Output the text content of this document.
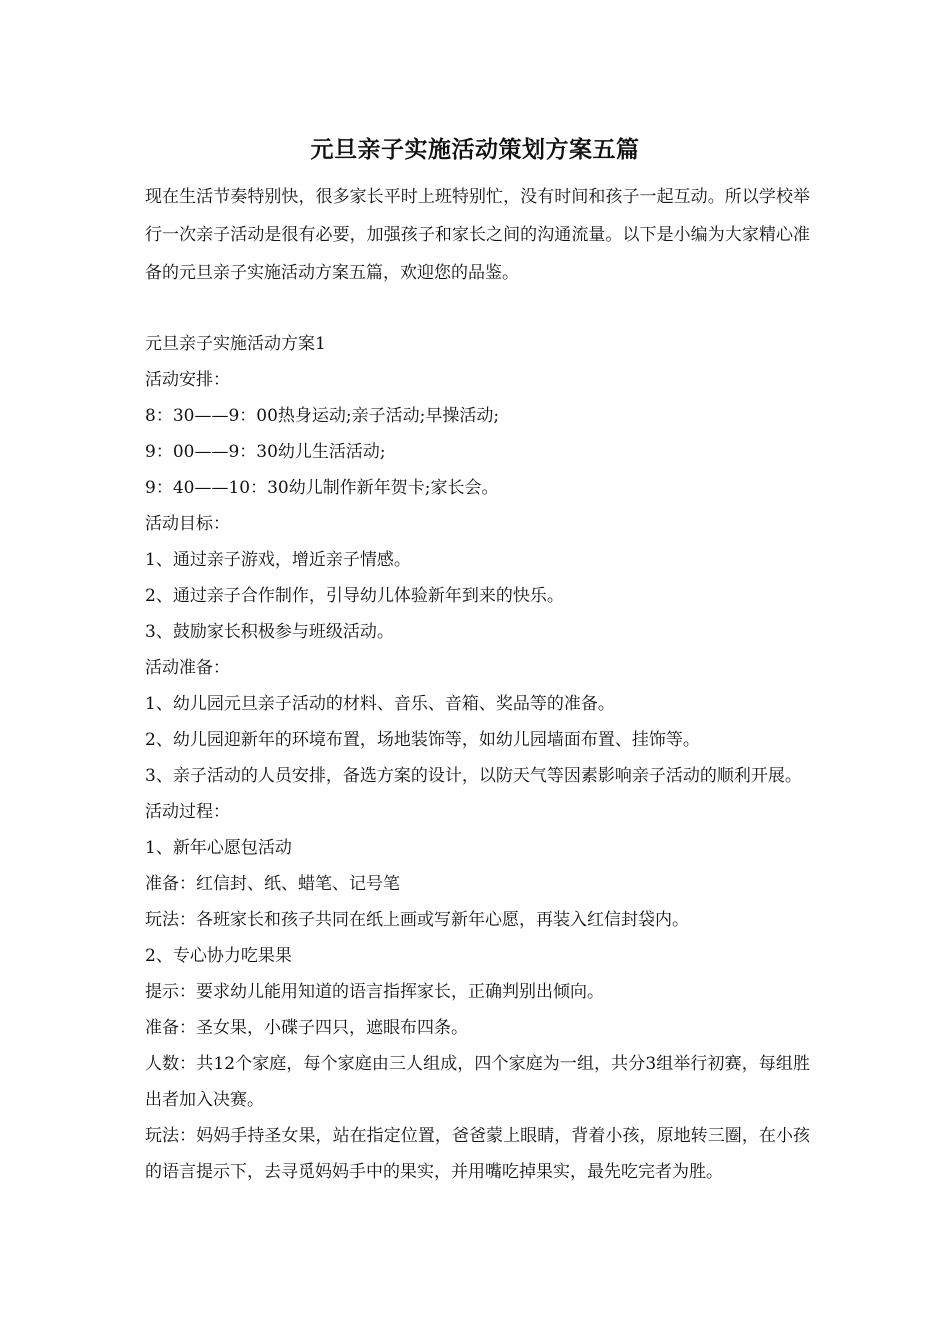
元旦亲子实施活动策划方案五篇

现在生活节奏特别快，很多家长平时上班特别忙，没有时间和孩子一起互动。所以学校举行一次亲子活动是很有必要，加强孩子和家长之间的沟通流量。以下是小编为大家精心准备的元旦亲子实施活动方案五篇，欢迎您的品鉴。

元旦亲子实施活动方案1

活动安排：

8：30——9：00热身运动;亲子活动;早操活动;

9：00——9：30幼儿生活活动;

9：40——10：30幼儿制作新年贺卡;家长会。

活动目标：

1、通过亲子游戏，增近亲子情感。

2、通过亲子合作制作，引导幼儿体验新年到来的快乐。

3、鼓励家长积极参与班级活动。

活动准备：

1、幼儿园元旦亲子活动的材料、音乐、音箱、奖品等的准备。

2、幼儿园迎新年的环境布置，场地装饰等，如幼儿园墙面布置、挂饰等。

3、亲子活动的人员安排，备选方案的设计，以防天气等因素影响亲子活动的顺利开展。

活动过程：

1、新年心愿包活动

准备：红信封、纸、蜡笔、记号笔

玩法：各班家长和孩子共同在纸上画或写新年心愿，再装入红信封袋内。

2、专心协力吃果果

提示：要求幼儿能用知道的语言指挥家长，正确判别出倾向。

准备：圣女果，小碟子四只，遮眼布四条。

人数：共12个家庭，每个家庭由三人组成，四个家庭为一组，共分3组举行初赛，每组胜出者加入决赛。

玩法：妈妈手持圣女果，站在指定位置，爸爸蒙上眼睛，背着小孩，原地转三圈，在小孩的语言提示下，去寻觅妈妈手中的果实，并用嘴吃掉果实，最先吃完者为胜。
